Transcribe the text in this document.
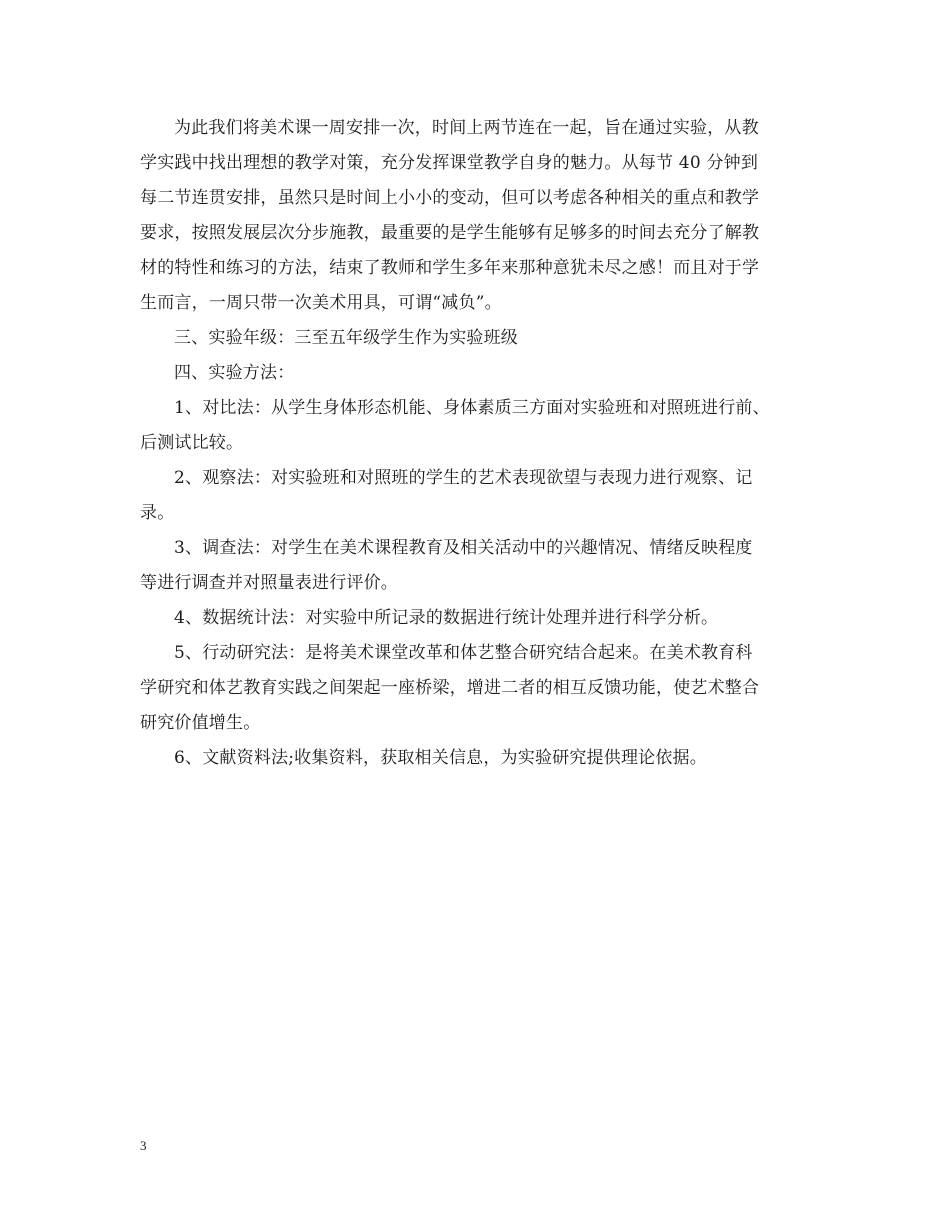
为此我们将美术课一周安排一次，时间上两节连在一起，旨在通过实验，从教
学实践中找出理想的教学对策，充分发挥课堂教学自身的魅力。从每节 40 分钟到
每二节连贯安排，虽然只是时间上小小的变动，但可以考虑各种相关的重点和教学
要求，按照发展层次分步施教，最重要的是学生能够有足够多的时间去充分了解教
材的特性和练习的方法，结束了教师和学生多年来那种意犹未尽之感！而且对于学
生而言，一周只带一次美术用具，可谓“减负”。
三、实验年级：三至五年级学生作为实验班级
四、实验方法：
1、对比法：从学生身体形态机能、身体素质三方面对实验班和对照班进行前、
后测试比较。
2、观察法：对实验班和对照班的学生的艺术表现欲望与表现力进行观察、记
录。
3、调查法：对学生在美术课程教育及相关活动中的兴趣情况、情绪反映程度
等进行调查并对照量表进行评价。
4、数据统计法：对实验中所记录的数据进行统计处理并进行科学分析。
5、行动研究法：是将美术课堂改革和体艺整合研究结合起来。在美术教育科
学研究和体艺教育实践之间架起一座桥梁，增进二者的相互反馈功能，使艺术整合
研究价值增生。
6、文献资料法;收集资料，获取相关信息，为实验研究提供理论依据。
3
